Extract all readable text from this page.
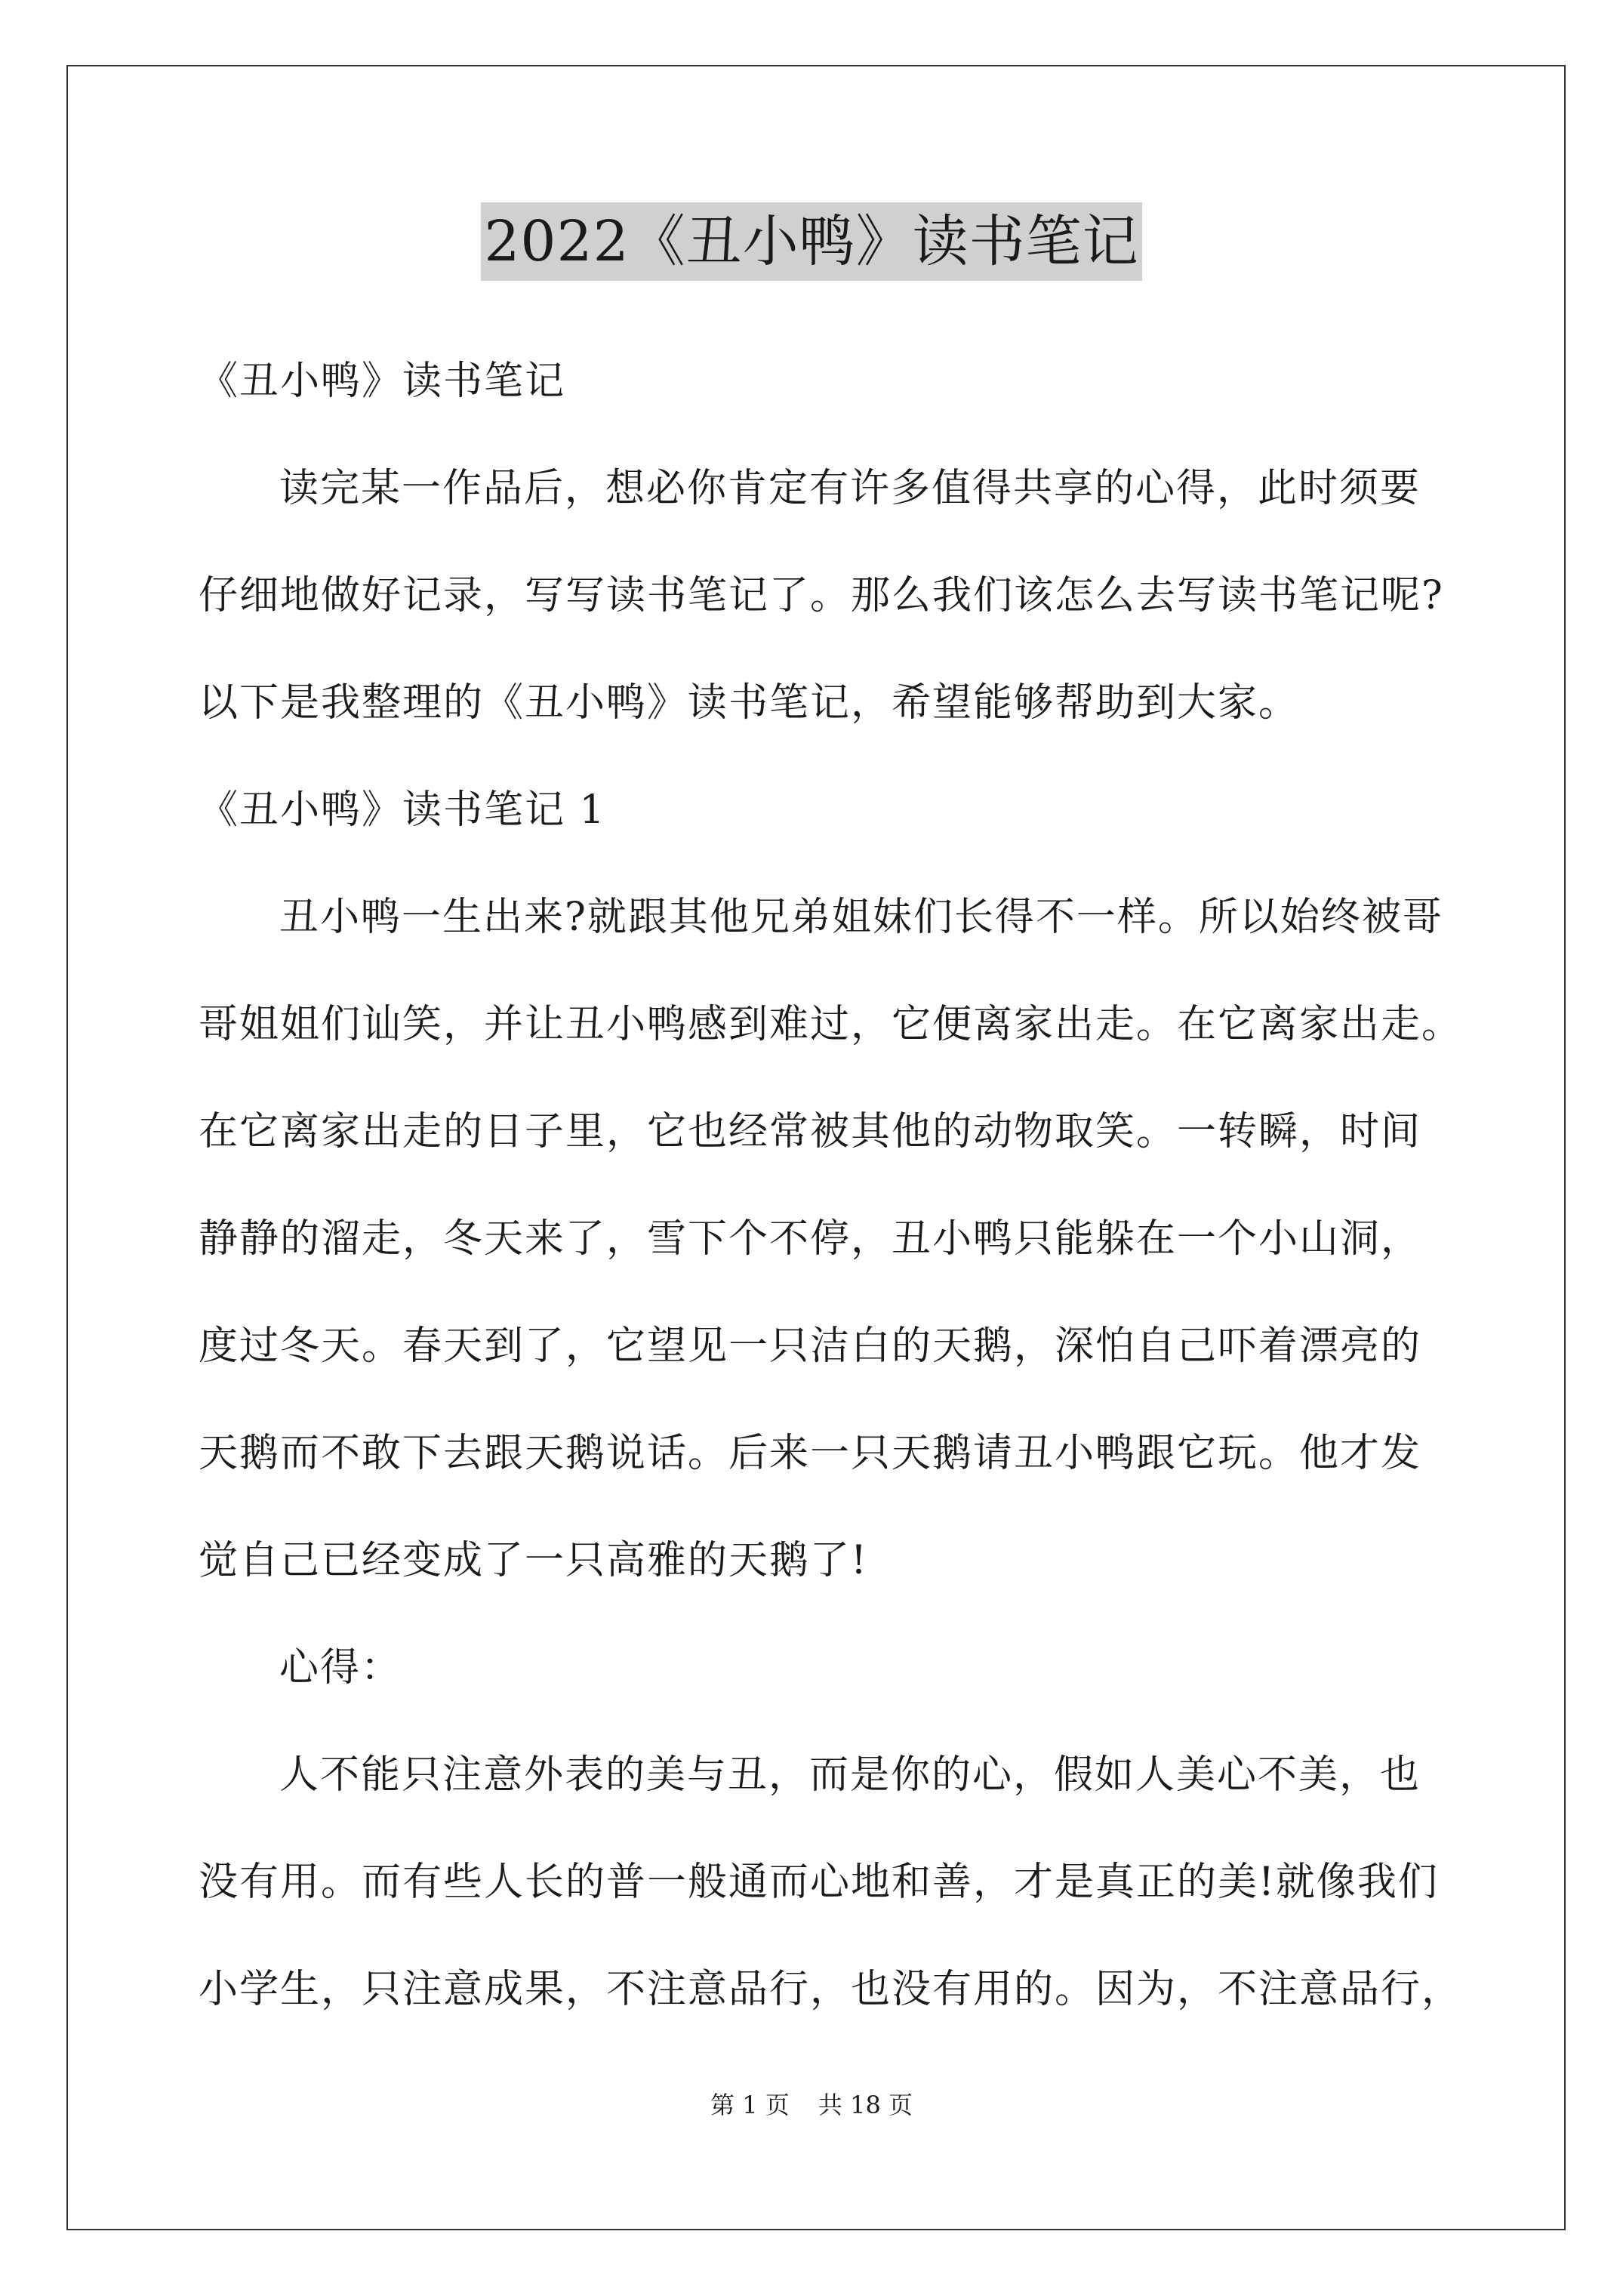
2022《丑小鸭》读书笔记
《丑小鸭》读书笔记
读完某一作品后，想必你肯定有许多值得共享的心得，此时须要
仔细地做好记录，写写读书笔记了。那么我们该怎么去写读书笔记呢?
以下是我整理的《丑小鸭》读书笔记，希望能够帮助到大家。
《丑小鸭》读书笔记 1
丑小鸭一生出来?就跟其他兄弟姐妹们长得不一样。所以始终被哥
哥姐姐们讪笑，并让丑小鸭感到难过，它便离家出走。在它离家出走。
在它离家出走的日子里，它也经常被其他的动物取笑。一转瞬，时间
静静的溜走，冬天来了，雪下个不停，丑小鸭只能躲在一个小山洞，
度过冬天。春天到了，它望见一只洁白的天鹅，深怕自己吓着漂亮的
天鹅而不敢下去跟天鹅说话。后来一只天鹅请丑小鸭跟它玩。他才发
觉自己已经变成了一只高雅的天鹅了!
心得：
人不能只注意外表的美与丑，而是你的心，假如人美心不美，也
没有用。而有些人长的普一般通而心地和善，才是真正的美!就像我们
小学生，只注意成果，不注意品行，也没有用的。因为，不注意品行，
第 1 页 共 18 页
